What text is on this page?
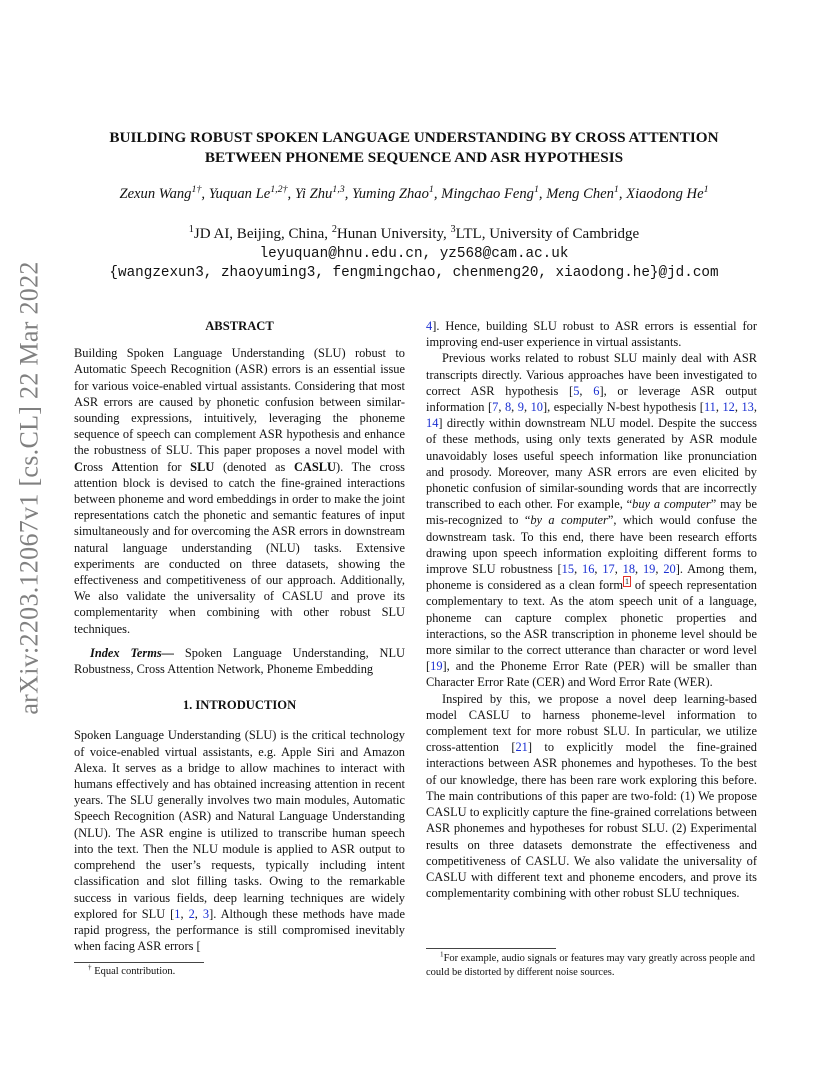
arXiv:2203.12067v1 [cs.CL] 22 Mar 2022
BUILDING ROBUST SPOKEN LANGUAGE UNDERSTANDING BY CROSS ATTENTION
BETWEEN PHONEME SEQUENCE AND ASR HYPOTHESIS
Zexun Wang$^{1\dagger}$, Yuquan $Le^{1,2\dagger}$, Yi Zhu$^{1,3}$, Yuming Zhao$^1$, Mingchao Feng$^1$, Meng Chen$^1$, Xiaodong He$^1$
$^1$JD AI, Beijing, China, $^2$Hunan University, $^3$LTL, University of Cambridge
leyuquan@hnu.edu.cn, yz568@cam.ac.uk
{wangzexun3, zhaoyuming3, fengmingchao, chenmeng20, xiaodong.he}@jd.com
ABSTRACT

Building Spoken Language Understanding (SLU) robust to Automatic Speech Recognition (ASR) errors is an essential issue for various voice-enabled virtual assistants. Considering that most ASR errors are caused by phonetic confusion between similar-sounding expressions, intuitively, leveraging the phoneme sequence of speech can complement ASR hypothesis and enhance the robustness of SLU. This paper proposes a novel model with Cross Attention for SLU (denoted as CASLU). The cross attention block is devised to catch the fine-grained interactions between phoneme and word embeddings in order to make the joint representations catch the phonetic and semantic features of input simultaneously and for overcoming the ASR errors in downstream natural language understanding (NLU) tasks. Extensive experiments are conducted on three datasets, showing the effectiveness and competitiveness of our approach. Additionally, We also validate the universality of CASLU and prove its complementarity when combining with other robust SLU techniques.

Index Terms— Spoken Language Understanding, NLU Robustness, Cross Attention Network, Phoneme Embedding

1. INTRODUCTION

Spoken Language Understanding (SLU) is the critical technology of voice-enabled virtual assistants, e.g. Apple Siri and Amazon Alexa. It serves as a bridge to allow machines to interact with humans effectively and has obtained increasing attention in recent years. The SLU generally involves two main modules, Automatic Speech Recognition (ASR) and Natural Language Understanding (NLU). The ASR engine is utilized to transcribe human speech into the text. Then the NLU module is applied to ASR output to comprehend the user’s requests, typically including intent classification and slot filling tasks. Owing to the remarkable success in various fields, deep learning techniques are widely explored for SLU [1, 2, 3]. Although these methods have made rapid progress, the performance is still compromised inevitably when facing ASR errors [

† Equal contribution.

4]. Hence, building SLU robust to ASR errors is essential for improving end-user experience in virtual assistants.

Previous works related to robust SLU mainly deal with ASR transcripts directly. Various approaches have been investigated to correct ASR hypothesis [5, 6], or leverage ASR output information [7, 8, 9, 10], especially N-best hypothesis [11, 12, 13, 14] directly within downstream NLU model. Despite the success of these methods, using only texts generated by ASR module unavoidably loses useful speech information like pronunciation and prosody. Moreover, many ASR errors are even elicited by phonetic confusion of similar-sounding words that are incorrectly transcribed to each other. For example, “buy a computer” may be mis-recognized to “by a computer”, which would confuse the downstream task. To this end, there have been research efforts drawing upon speech information exploiting different forms to improve SLU robustness [15, 16, 17, 18, 19, 20]. Among them, phoneme is considered as a clean form $^1$ of speech representation complementary to text. As the atom speech unit of a language, phoneme can capture complex phonetic properties and interactions, so the ASR transcription in phoneme level should be more similar to the correct utterance than character or word level [19], and the Phoneme Error Rate (PER) will be smaller than Character Error Rate (CER) and Word Error Rate (WER).

Inspired by this, we propose a novel deep learning-based model CASLU to harness phoneme-level information to complement text for more robust SLU. In particular, we utilize cross-attention [21] to explicitly model the fine-grained interactions between ASR phonemes and hypotheses. To the best of our knowledge, there has been rare work exploring this before. The main contributions of this paper are two-fold: (1) We propose CASLU to explicitly capture the fine-grained correlations between ASR phonemes and hypotheses for robust SLU. (2) Experimental results on three datasets demonstrate the effectiveness and competitiveness of CASLU. We also validate the universality of CASLU with different text and phoneme encoders, and prove its complementarity combining with other robust SLU techniques.

$^1$For example, audio signals or features may vary greatly across people and could be distorted by different noise sources.
